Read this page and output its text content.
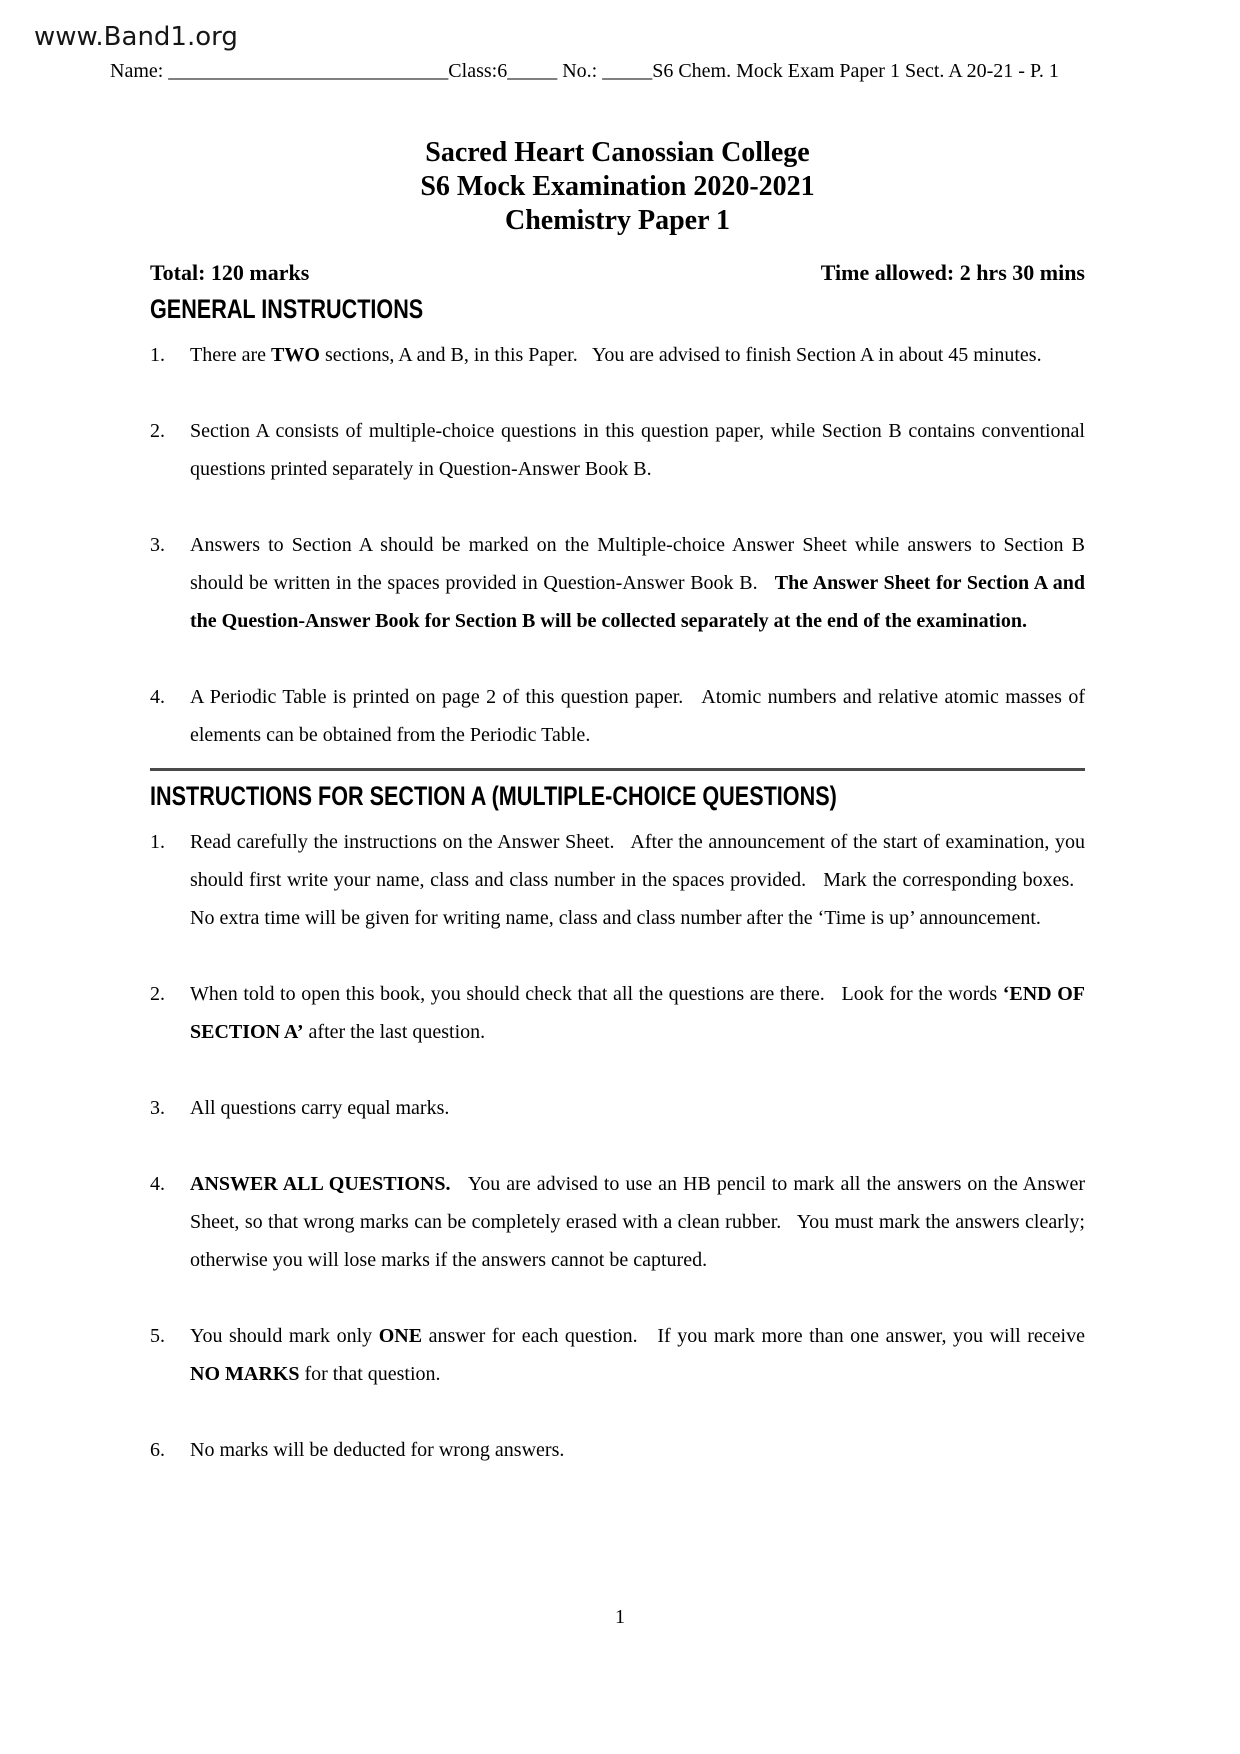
www.Band1.org
Name: ____________________________Class:6_____ No.: _____S6 Chem. Mock Exam Paper 1 Sect. A 20-21 - P. 1
Sacred Heart Canossian College
S6 Mock Examination 2020-2021
Chemistry Paper 1
Total: 120 marks	Time allowed: 2 hrs 30 mins
GENERAL INSTRUCTIONS
1.	There are TWO sections, A and B, in this Paper.   You are advised to finish Section A in about 45 minutes.
2.	Section A consists of multiple-choice questions in this question paper, while Section B contains conventional questions printed separately in Question-Answer Book B.
3.	Answers to Section A should be marked on the Multiple-choice Answer Sheet while answers to Section B should be written in the spaces provided in Question-Answer Book B.   The Answer Sheet for Section A and the Question-Answer Book for Section B will be collected separately at the end of the examination.
4.	A Periodic Table is printed on page 2 of this question paper.   Atomic numbers and relative atomic masses of elements can be obtained from the Periodic Table.
INSTRUCTIONS FOR SECTION A (MULTIPLE-CHOICE QUESTIONS)
1.	Read carefully the instructions on the Answer Sheet.   After the announcement of the start of examination, you should first write your name, class and class number in the spaces provided.   Mark the corresponding boxes.   No extra time will be given for writing name, class and class number after the ‘Time is up’ announcement.
2.	When told to open this book, you should check that all the questions are there.   Look for the words ‘END OF SECTION A’ after the last question.
3.	All questions carry equal marks.
4.	ANSWER ALL QUESTIONS.   You are advised to use an HB pencil to mark all the answers on the Answer Sheet, so that wrong marks can be completely erased with a clean rubber.   You must mark the answers clearly; otherwise you will lose marks if the answers cannot be captured.
5.	You should mark only ONE answer for each question.   If you mark more than one answer, you will receive NO MARKS for that question.
6.	No marks will be deducted for wrong answers.
1
